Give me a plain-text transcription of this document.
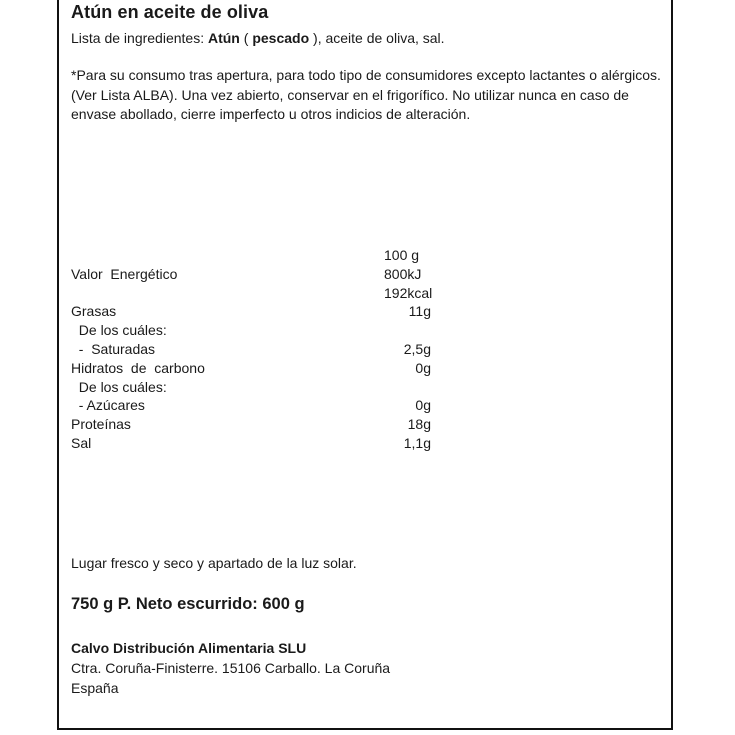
Atún en aceite de oliva
Lista de ingredientes: Atún ( pescado ), aceite de oliva, sal.
*Para su consumo tras apertura, para todo tipo de consumidores excepto lactantes o alérgicos. (Ver Lista ALBA). Una vez abierto, conservar en el frigorífico. No utilizar nunca en caso de envase abollado, cierre imperfecto u otros indicios de alteración.
100 g
Valor  Energético	800kJ
192kcal
Grasas	11g
De los cuáles:
-  Saturadas	2,5g
Hidratos  de  carbono	0g
De los cuáles:
- Azúcares	0g
Proteínas	18g
Sal	1,1g
Lugar fresco y seco y apartado de la luz solar.
750 g P. Neto escurrido: 600 g
Calvo Distribución Alimentaria SLU
Ctra. Coruña-Finisterre. 15106 Carballo. La Coruña
España
